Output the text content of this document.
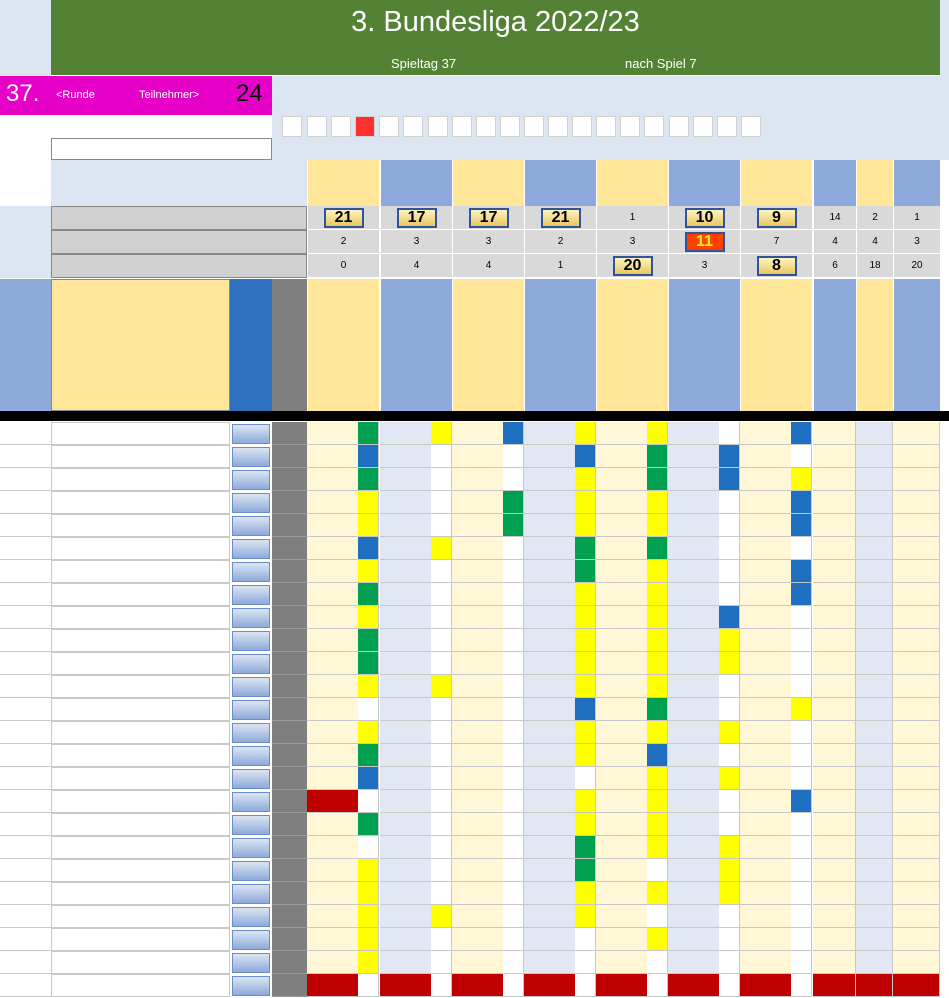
3. Bundesliga 2022/23
Spieltag 37	nach Spiel 7
37. <Runde	Teilnehmer> 24
21	17	17	21	1	10	9	14	2	1
2	3	3	2	3	11	7	4	4	3
0	4	4	1	20	3	8	6	18	20
